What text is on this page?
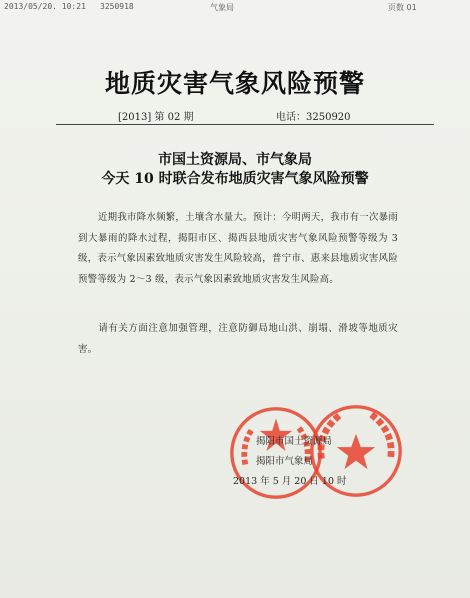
2013/05/20. 10:21 3250918	气象局	页数 01
地质灾害气象风险预警
[2013] 第 02 期	电话：3250920
市国土资源局、市气象局
今天 10 时联合发布地质灾害气象风险预警
近期我市降水频繁，土壤含水量大。预计：今明两天，我市有一次暴雨到大暴雨的降水过程，揭阳市区、揭西县地质灾害气象风险预警等级为 3 级，表示气象因素致地质灾害发生风险较高，普宁市、惠来县地质灾害风险预警等级为 2～3 级，表示气象因素致地质灾害发生风险高。
请有关方面注意加强管理，注意防御局地山洪、崩塌、滑坡等地质灾害。
揭阳市国土资源局
揭阳市气象局
2013 年 5 月 20 日 10 时
